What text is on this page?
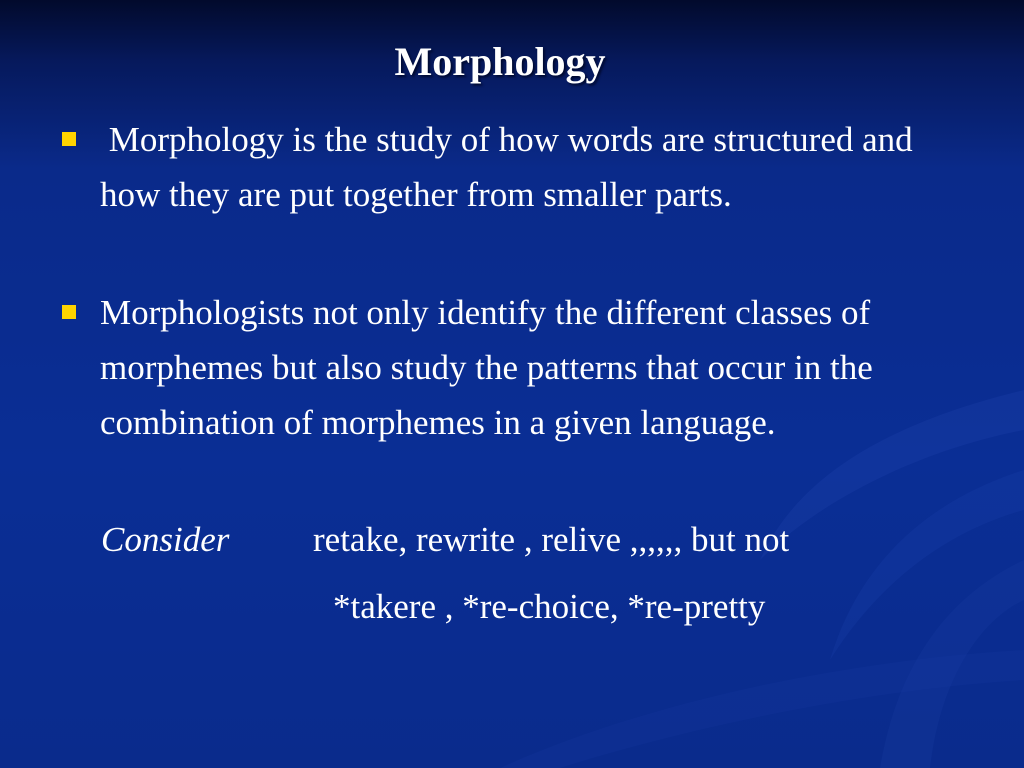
Morphology
Morphology is the study of how words are structured and how they are put together from smaller parts.
Morphologists not only identify the different classes of morphemes but also study the patterns that occur in the combination of morphemes in a given language.
Consider retake, rewrite , relive ,,,,,, but not
*takere , *re-choice, *re-pretty
